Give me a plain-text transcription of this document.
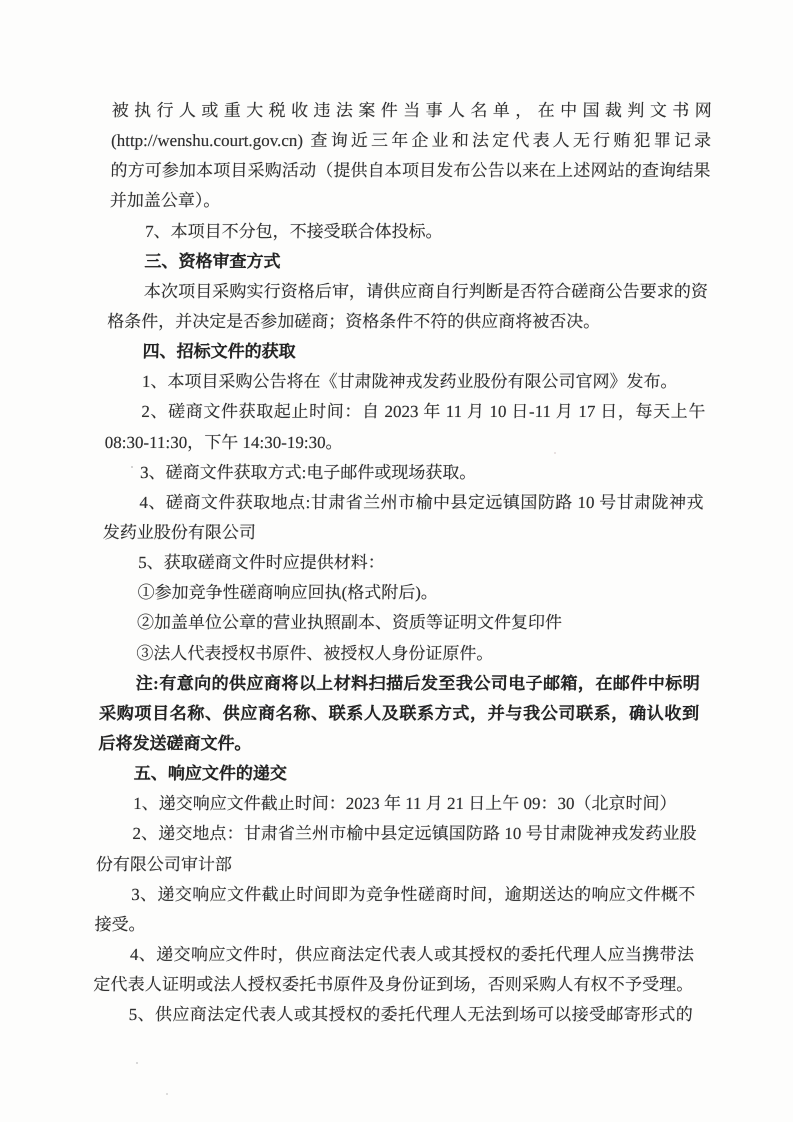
被执行人或重大税收违法案件当事人名单，在中国裁判文书网
(http://wenshu.court.gov.cn) 查询近三年企业和法定代表人无行贿犯罪记录
的方可参加本项目采购活动（提供自本项目发布公告以来在上述网站的查询结果
并加盖公章）。
7、本项目不分包，不接受联合体投标。
三、资格审查方式
本次项目采购实行资格后审，请供应商自行判断是否符合磋商公告要求的资
格条件，并决定是否参加磋商；资格条件不符的供应商将被否决。
四、招标文件的获取
1、本项目采购公告将在《甘肃陇神戎发药业股份有限公司官网》发布。
2、磋商文件获取起止时间：自 2023 年 11 月 10 日-11 月 17 日，每天上午
08:30-11:30，下午 14:30-19:30。
3、磋商文件获取方式:电子邮件或现场获取。
4、磋商文件获取地点:甘肃省兰州市榆中县定远镇国防路 10 号甘肃陇神戎
发药业股份有限公司
5、获取磋商文件时应提供材料：
①参加竞争性磋商响应回执(格式附后)。
②加盖单位公章的营业执照副本、资质等证明文件复印件
③法人代表授权书原件、被授权人身份证原件。
注:有意向的供应商将以上材料扫描后发至我公司电子邮箱，在邮件中标明
采购项目名称、供应商名称、联系人及联系方式，并与我公司联系，确认收到
后将发送磋商文件。
五、响应文件的递交
1、递交响应文件截止时间：2023 年 11 月 21 日上午 09：30（北京时间）
2、递交地点：甘肃省兰州市榆中县定远镇国防路 10 号甘肃陇神戎发药业股
份有限公司审计部
3、递交响应文件截止时间即为竞争性磋商时间，逾期送达的响应文件概不
接受。
4、递交响应文件时，供应商法定代表人或其授权的委托代理人应当携带法
定代表人证明或法人授权委托书原件及身份证到场，否则采购人有权不予受理。
5、供应商法定代表人或其授权的委托代理人无法到场可以接受邮寄形式的
